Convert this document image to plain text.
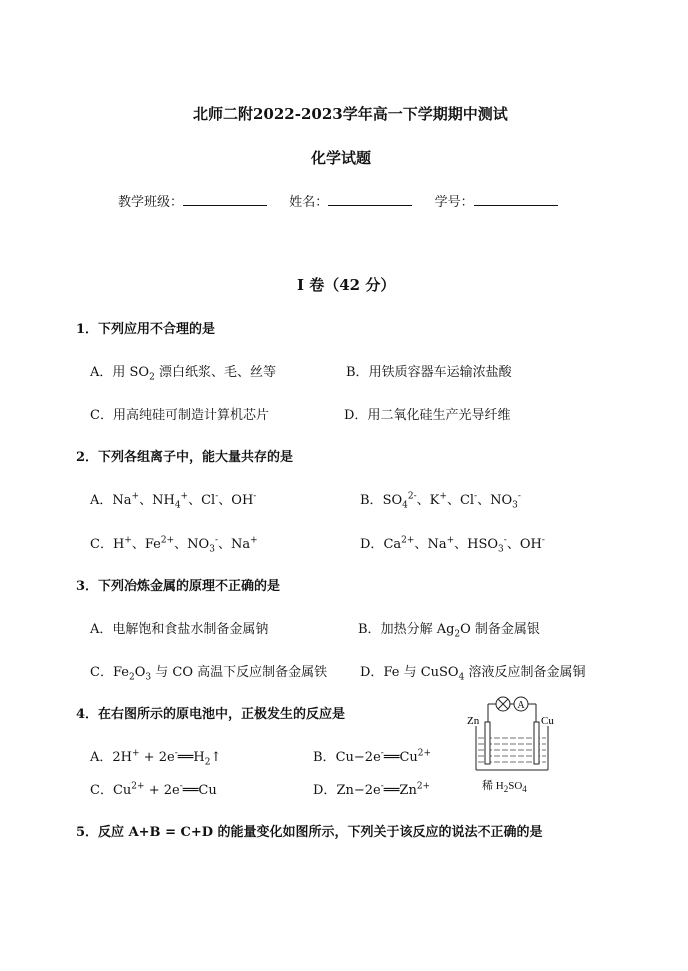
北师二附2022-2023学年高一下学期期中测试
化学试题
教学班级：	姓名：	学号：
I 卷（42 分）
1．下列应用不合理的是
A．用 $SO_2$ 漂白纸浆、毛、丝等	B．用铁质容器车运输浓盐酸
C．用高纯硅可制造计算机芯片	D．用二氧化硅生产光导纤维
2．下列各组离子中，能大量共存的是
A．Na+、$NH_4^+$、Cl-、OH-	B．$SO_4^{2-}$、K+、Cl-、$NO_3^-$
C．H+、$Fe^{2+}$、$NO_3^-$、Na+	D．$Ca^{2+}$、Na+、$HSO_3^-$、OH-
3．下列冶炼金属的原理不正确的是
A．电解饱和食盐水制备金属钠	B．加热分解 $Ag_2O$ 制备金属银
C．$Fe_2O_3$ 与 CO 高温下反应制备金属铁	D．Fe 与 CuSO$_4$ 溶液反应制备金属铜
4．在右图所示的原电池中，正极发生的反应是
A．$2H^+ + 2e^-══H_2↑$	B．$Cu-2e^-══Cu^{2+}$
C．$Cu^{2+}$ + 2e-══Cu	D．$Zn-2e^-══Zn^{2+}$
A
Zn	Cu
稀 $H_2SO_4$
5．反应 A+B = C+D 的能量变化如图所示，下列关于该反应的说法不正确的是
